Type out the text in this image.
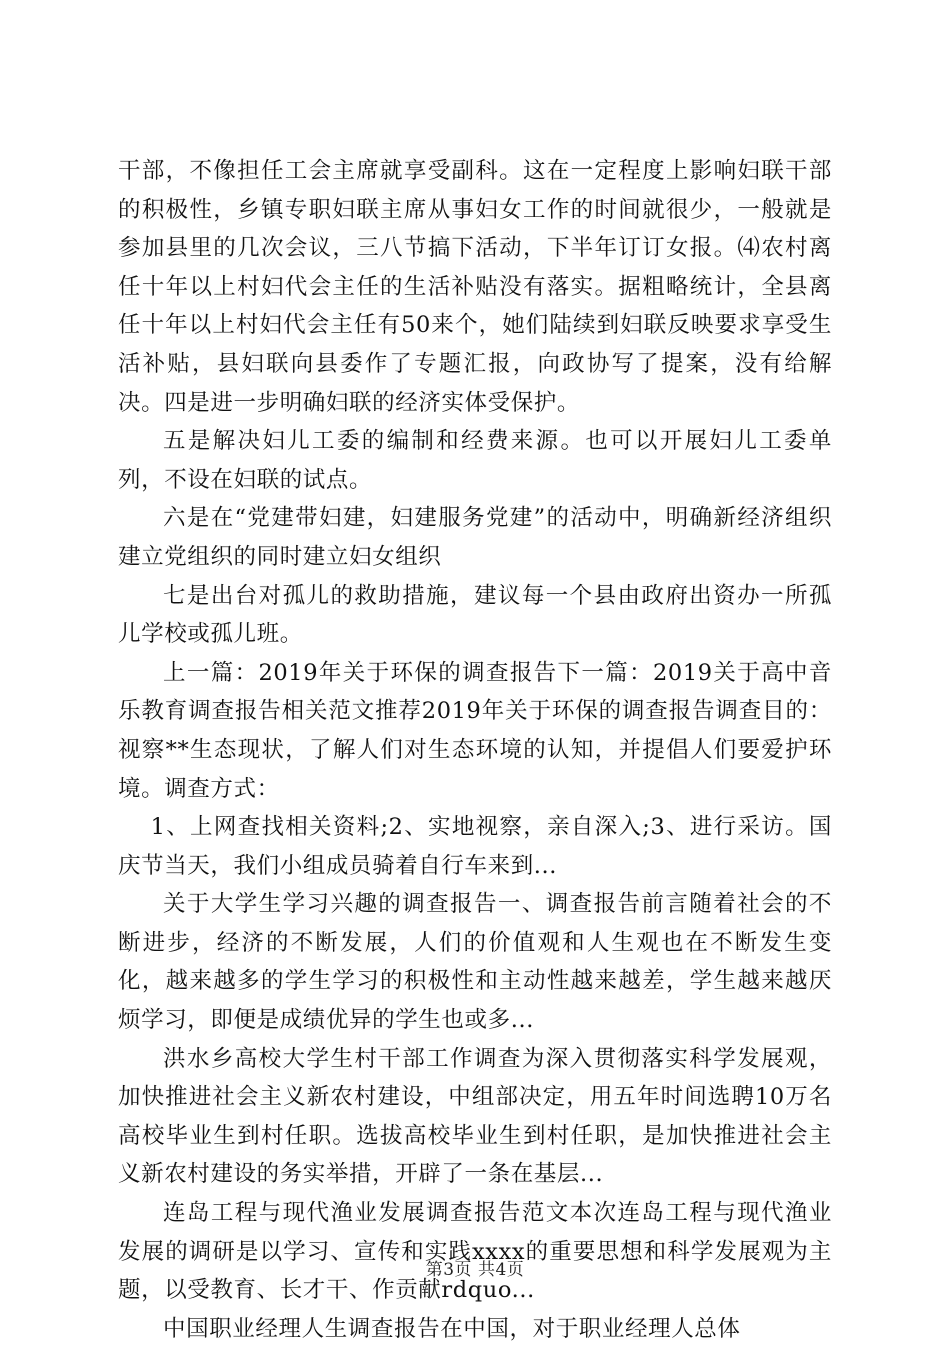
干部，不像担任工会主席就享受副科。这在一定程度上影响妇联干部的积极性，乡镇专职妇联主席从事妇女工作的时间就很少，一般就是参加县里的几次会议，三八节搞下活动，下半年订订女报。⑷农村离任十年以上村妇代会主任的生活补贴没有落实。据粗略统计，全县离任十年以上村妇代会主任有50来个，她们陆续到妇联反映要求享受生活补贴，县妇联向县委作了专题汇报，向政协写了提案，没有给解决。四是进一步明确妇联的经济实体受保护。

五是解决妇儿工委的编制和经费来源。也可以开展妇儿工委单列，不设在妇联的试点。

六是在“党建带妇建，妇建服务党建”的活动中，明确新经济组织建立党组织的同时建立妇女组织

七是出台对孤儿的救助措施，建议每一个县由政府出资办一所孤儿学校或孤儿班。

上一篇：2019年关于环保的调查报告下一篇：2019关于高中音乐教育调查报告相关范文推荐2019年关于环保的调查报告调查目的：视察**生态现状，了解人们对生态环境的认知，并提倡人们要爱护环境。调查方式：

1、上网查找相关资料;2、实地视察，亲自深入;3、进行采访。国庆节当天，我们小组成员骑着自行车来到...

关于大学生学习兴趣的调查报告一、调查报告前言随着社会的不断进步，经济的不断发展，人们的价值观和人生观也在不断发生变化，越来越多的学生学习的积极性和主动性越来越差，学生越来越厌烦学习，即便是成绩优异的学生也或多...

洪水乡高校大学生村干部工作调查为深入贯彻落实科学发展观，加快推进社会主义新农村建设，中组部决定，用五年时间选聘10万名高校毕业生到村任职。选拔高校毕业生到村任职，是加快推进社会主义新农村建设的务实举措，开辟了一条在基层...

连岛工程与现代渔业发展调查报告范文本次连岛工程与现代渔业发展的调研是以学习、宣传和实践xxxx的重要思想和科学发展观为主题，以受教育、长才干、作贡献rdquo...

中国职业经理人生调查报告在中国，对于职业经理人总体

第3页 共4页
